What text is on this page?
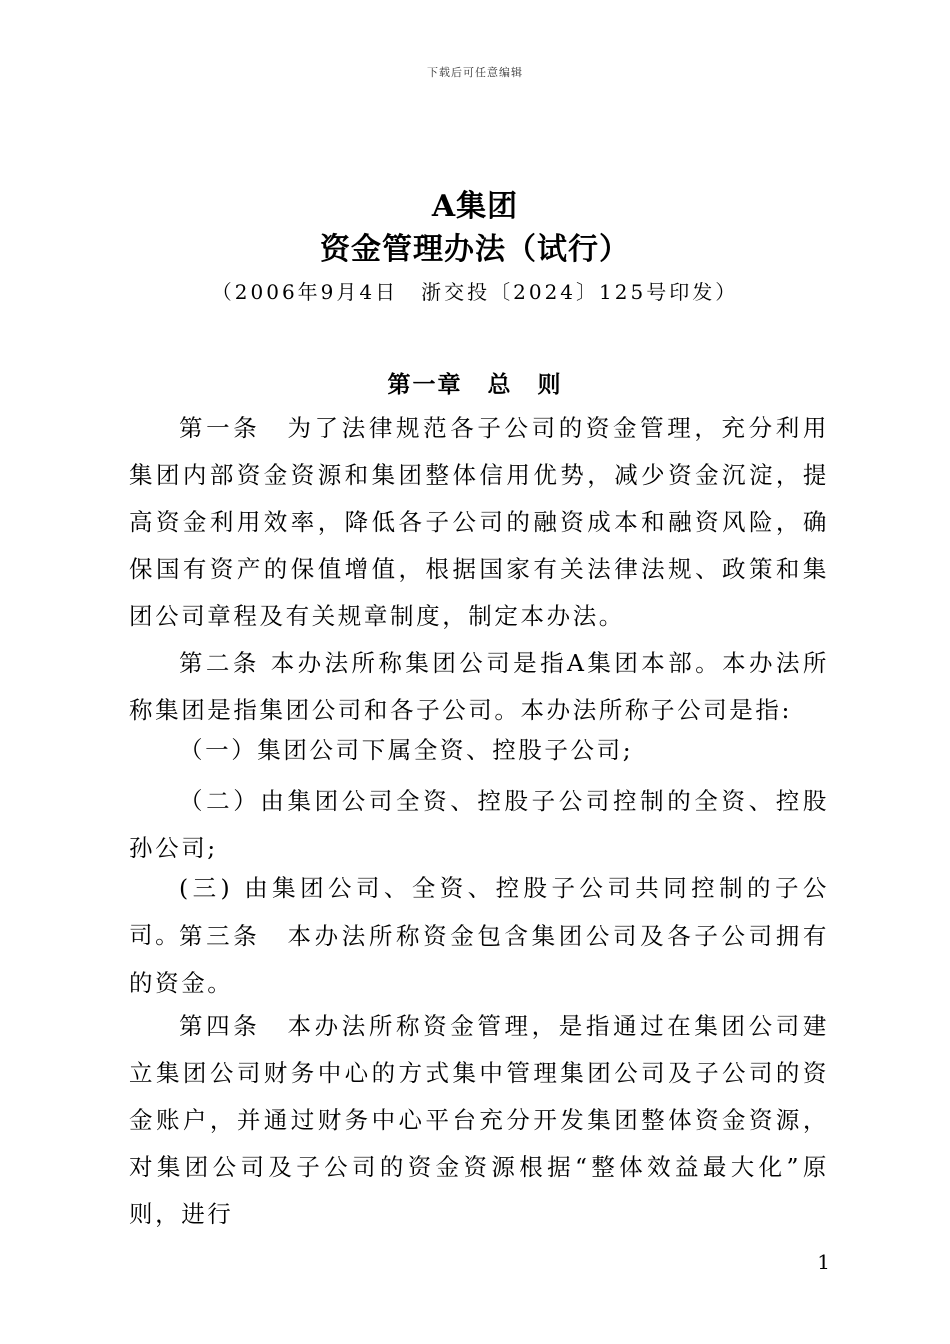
下载后可任意编辑
A集团
资金管理办法（试行）
（2006年9月4日　浙交投〔2024〕125号印发）
第一章　总　则
第一条　为了法律规范各子公司的资金管理，充分利用集团内部资金资源和集团整体信用优势，减少资金沉淀，提高资金利用效率，降低各子公司的融资成本和融资风险，确保国有资产的保值增值，根据国家有关法律法规、政策和集团公司章程及有关规章制度，制定本办法。
第二条 本办法所称集团公司是指A集团本部。本办法所称集团是指集团公司和各子公司。本办法所称子公司是指:
（一）集团公司下属全资、控股子公司;
（二）由集团公司全资、控股子公司控制的全资、控股孙公司;
(三) 由集团公司、全资、控股子公司共同控制的子公司。
第三条　本办法所称资金包含集团公司及各子公司拥有的资金。
第四条　本办法所称资金管理，是指通过在集团公司建立集团公司财务中心的方式集中管理集团公司及子公司的资金账户，并通过财务中心平台充分开发集团整体资金资源，对集团公司及子公司的资金资源根据“整体效益最大化”原则，进行
1
